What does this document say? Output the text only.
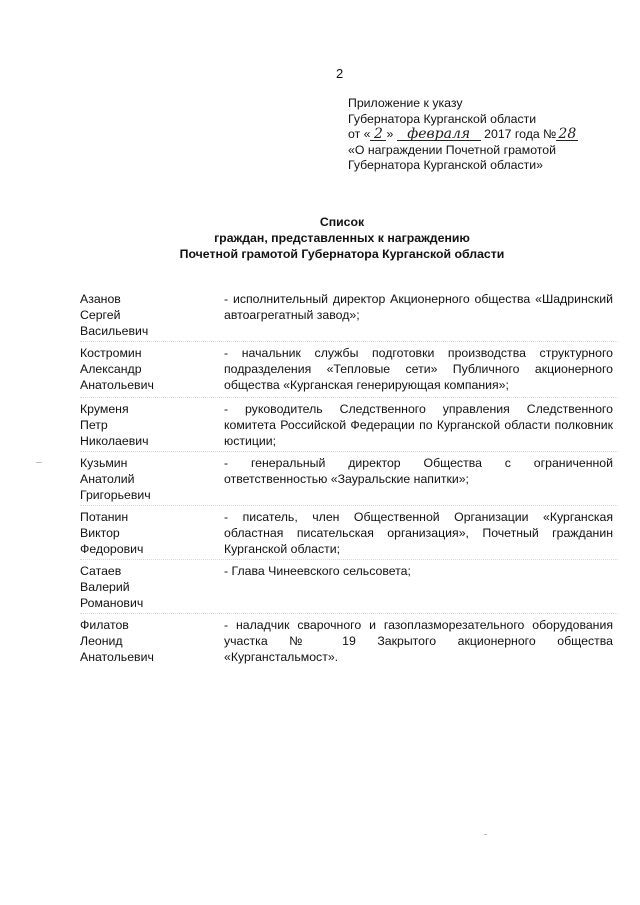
2
Приложение к указу
Губернатора Курганской области
от « 2 » февраля 2017 года № 28
«О награждении Почетной грамотой
Губернатора Курганской области»
Список
граждан, представленных к награждению
Почетной грамотой Губернатора Курганской области
Азанов
Сергей
Васильевич
- исполнительный директор Акционерного общества «Шадринский автоагрегатный завод»;
Костромин
Александр
Анатольевич
- начальник службы подготовки производства структурного подразделения «Тепловые сети» Публичного акционерного общества «Курганская генерирующая компания»;
Круменя
Петр
Николаевич
- руководитель Следственного управления Следственного комитета Российской Федерации по Курганской области полковник юстиции;
Кузьмин
Анатолий
Григорьевич
- генеральный директор Общества с ограниченной ответственностью «Зауральские напитки»;
Потанин
Виктор
Федорович
- писатель, член Общественной Организации «Курганская областная писательская организация», Почетный гражданин Курганской области;
Сатаев
Валерий
Романович
- Глава Чинеевского сельсовета;
Филатов
Леонид
Анатольевич
- наладчик сварочного и газоплазморезательного оборудования участка № 19 Закрытого акционерного общества «Курганстальмост».
